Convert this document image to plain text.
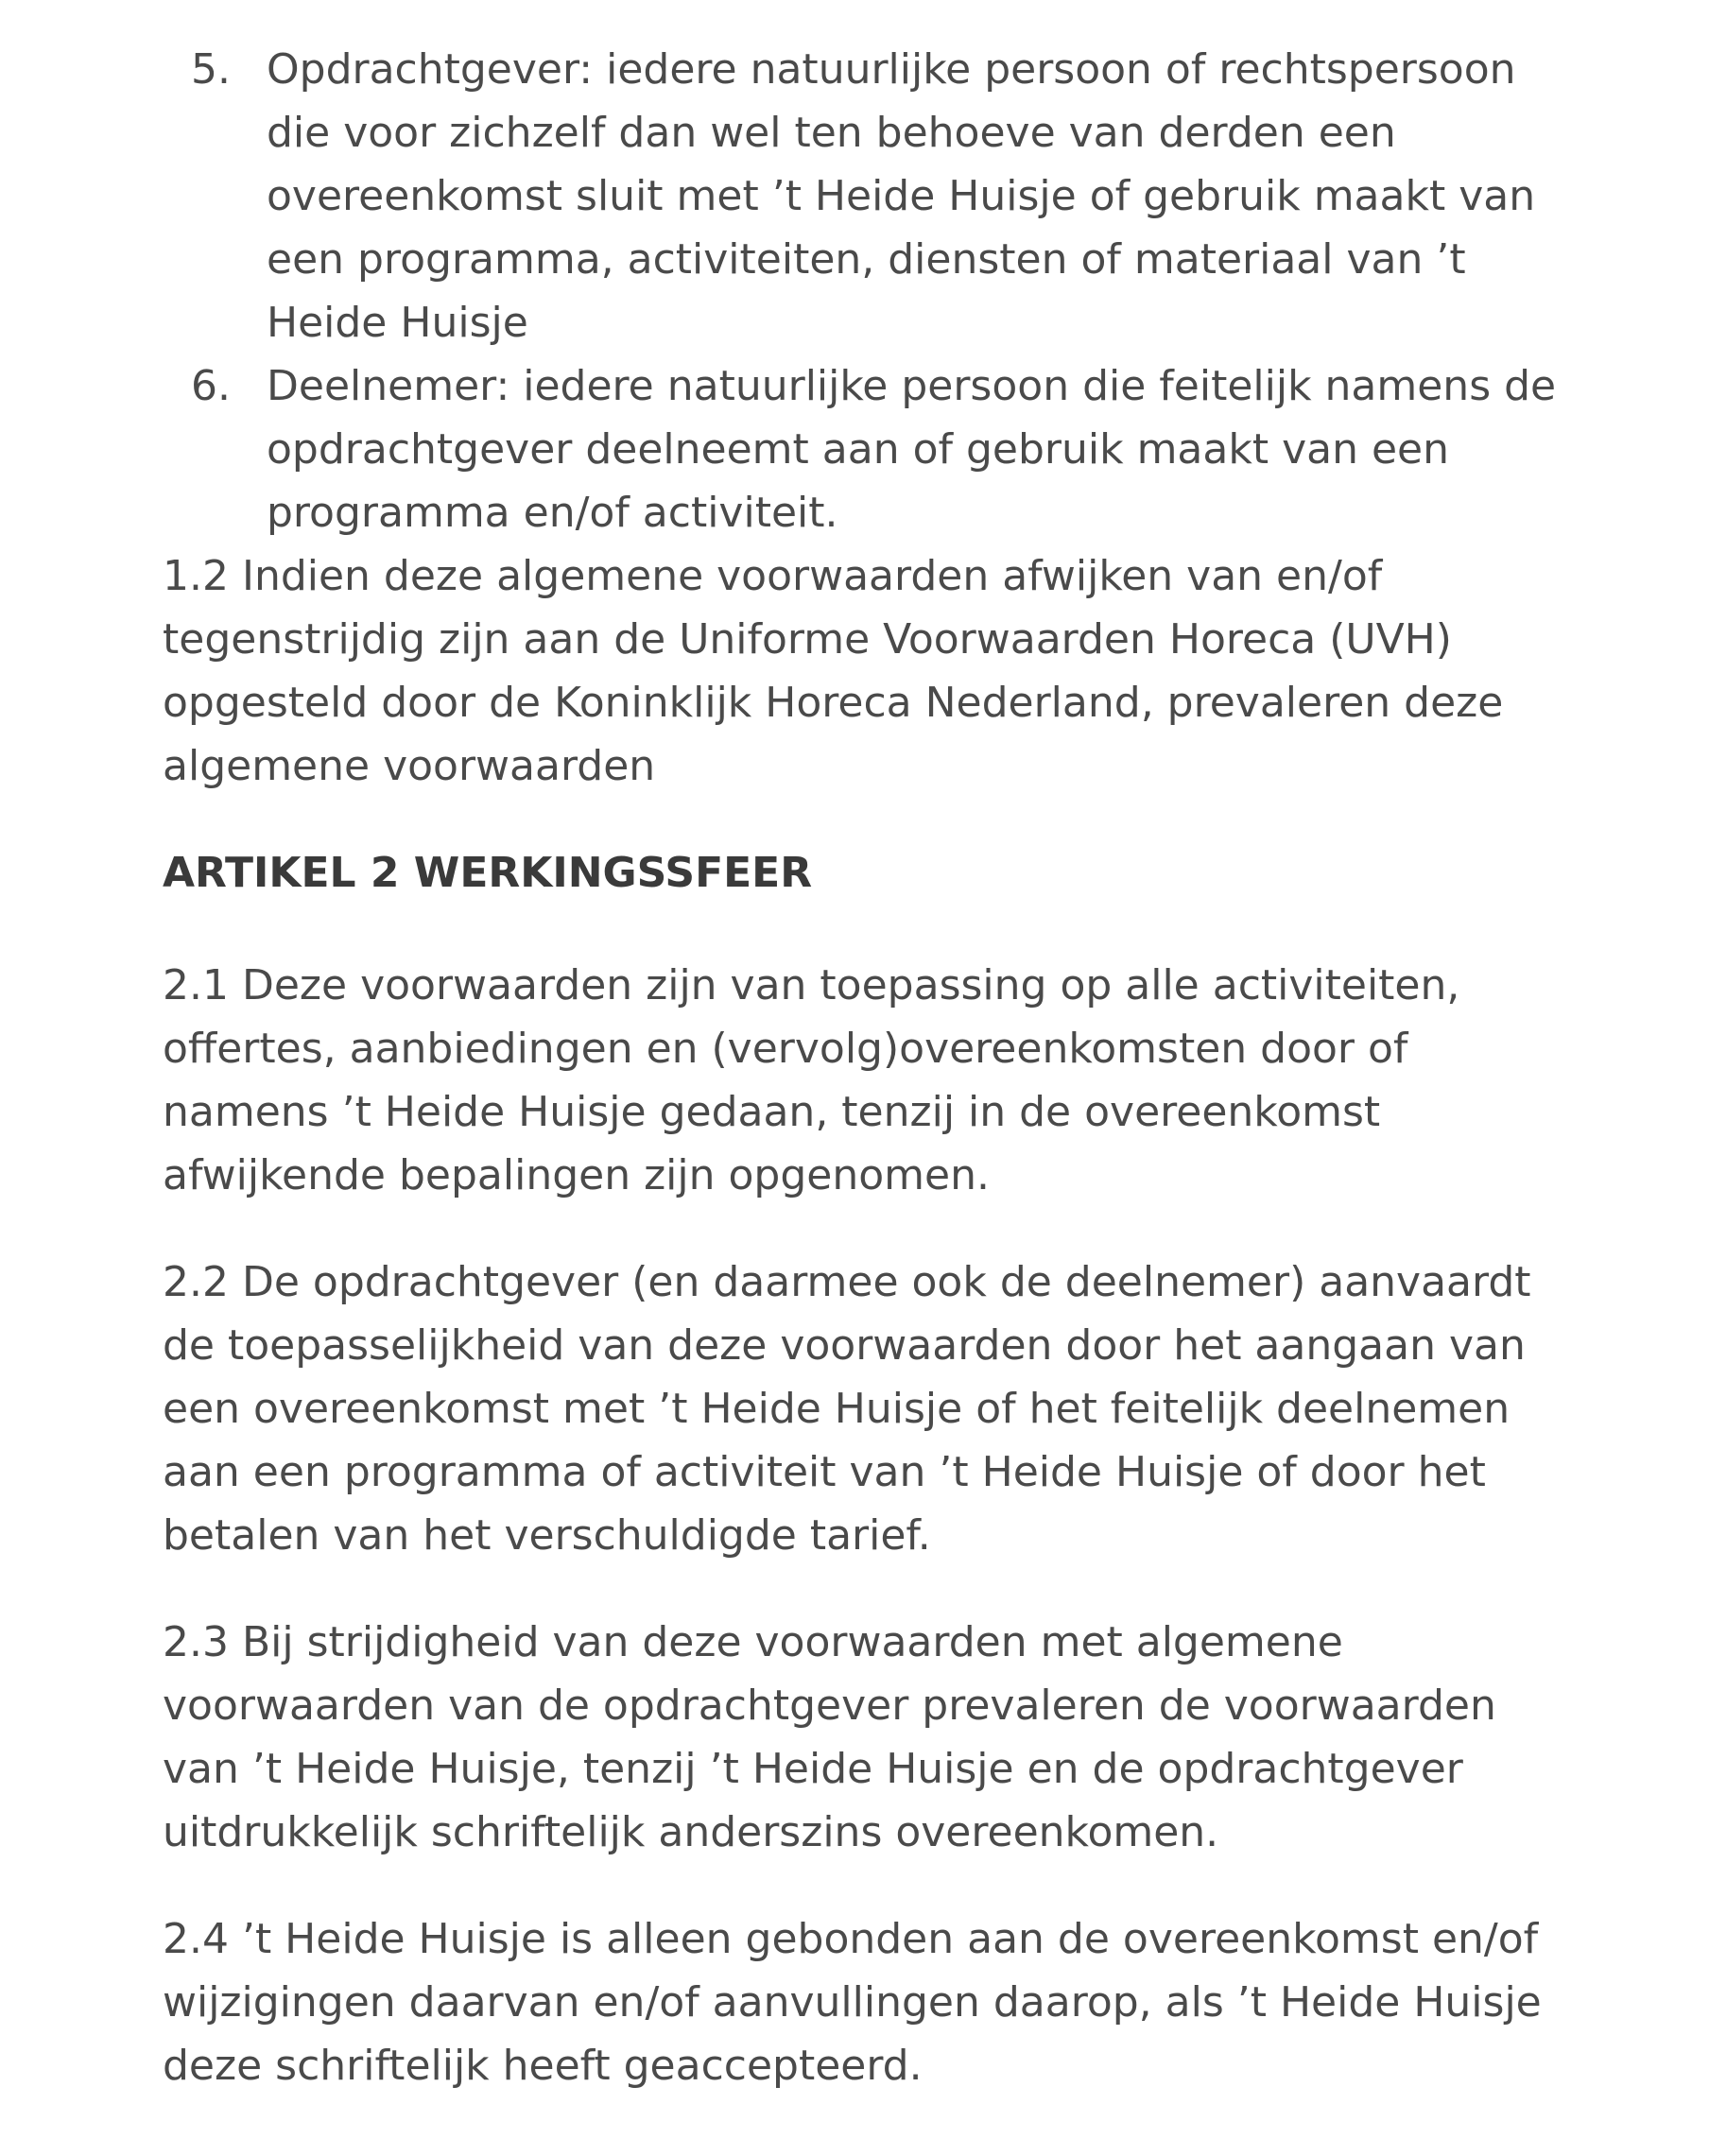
5. Opdrachtgever: iedere natuurlijke persoon of rechtspersoon die voor zichzelf dan wel ten behoeve van derden een overeenkomst sluit met ’t Heide Huisje of gebruik maakt van een programma, activiteiten, diensten of materiaal van ’t Heide Huisje
6. Deelnemer: iedere natuurlijke persoon die feitelijk namens de opdrachtgever deelneemt aan of gebruik maakt van een programma en/of activiteit.

1.2 Indien deze algemene voorwaarden afwijken van en/of tegenstrijdig zijn aan de Uniforme Voorwaarden Horeca (UVH) opgesteld door de Koninklijk Horeca Nederland, prevaleren deze algemene voorwaarden

ARTIKEL 2 WERKINGSSFEER

2.1 Deze voorwaarden zijn van toepassing op alle activiteiten, offertes, aanbiedingen en (vervolg)overeenkomsten door of namens ’t Heide Huisje gedaan, tenzij in de overeenkomst afwijkende bepalingen zijn opgenomen.

2.2 De opdrachtgever (en daarmee ook de deelnemer) aanvaardt de toepasselijkheid van deze voorwaarden door het aangaan van een overeenkomst met ’t Heide Huisje of het feitelijk deelnemen aan een programma of activiteit van ’t Heide Huisje of door het betalen van het verschuldigde tarief.

2.3 Bij strijdigheid van deze voorwaarden met algemene voorwaarden van de opdrachtgever prevaleren de voorwaarden van ’t Heide Huisje, tenzij ’t Heide Huisje en de opdrachtgever uitdrukkelijk schriftelijk anderszins overeenkomen.

2.4 ’t Heide Huisje is alleen gebonden aan de overeenkomst en/of wijzigingen daarvan en/of aanvullingen daarop, als ’t Heide Huisje deze schriftelijk heeft geaccepteerd.
